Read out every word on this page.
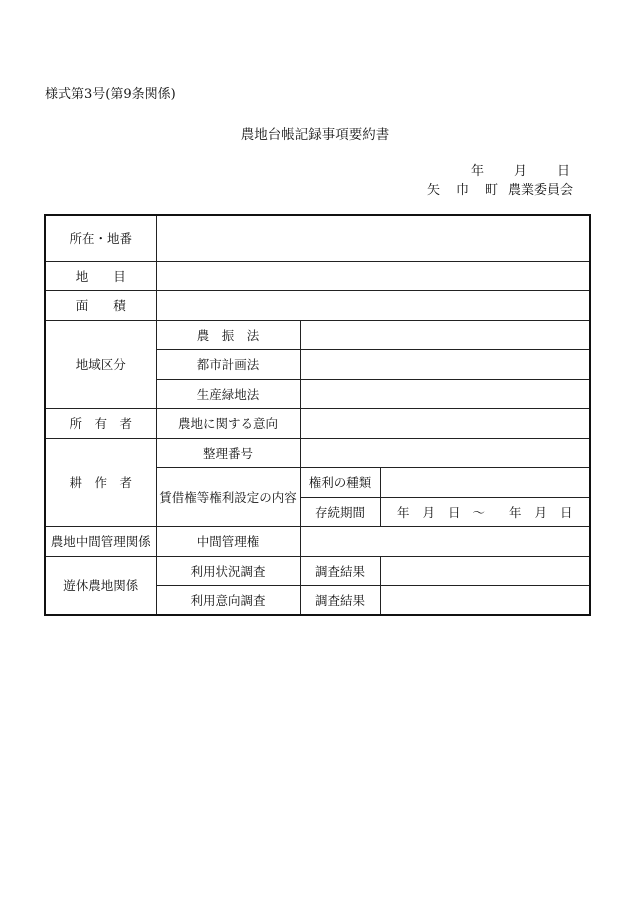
様式第3号(第9条関係)
農地台帳記録事項要約書
年 月 日
矢 巾 町 農業委員会
所在・地番			
地　　目			
面　　積			
地域区分	農　振　法		
	都市計画法		
	生産緑地法		
所　有　者	農地に関する意向		
耕　作　者	整理番号		
	賃借権等権利設定の内容	権利の種類	
		存続期間	年 月 日 ～ 年 月 日
農地中間管理関係	中間管理権		
遊休農地関係	利用状況調査	調査結果	
	利用意向調査	調査結果	
